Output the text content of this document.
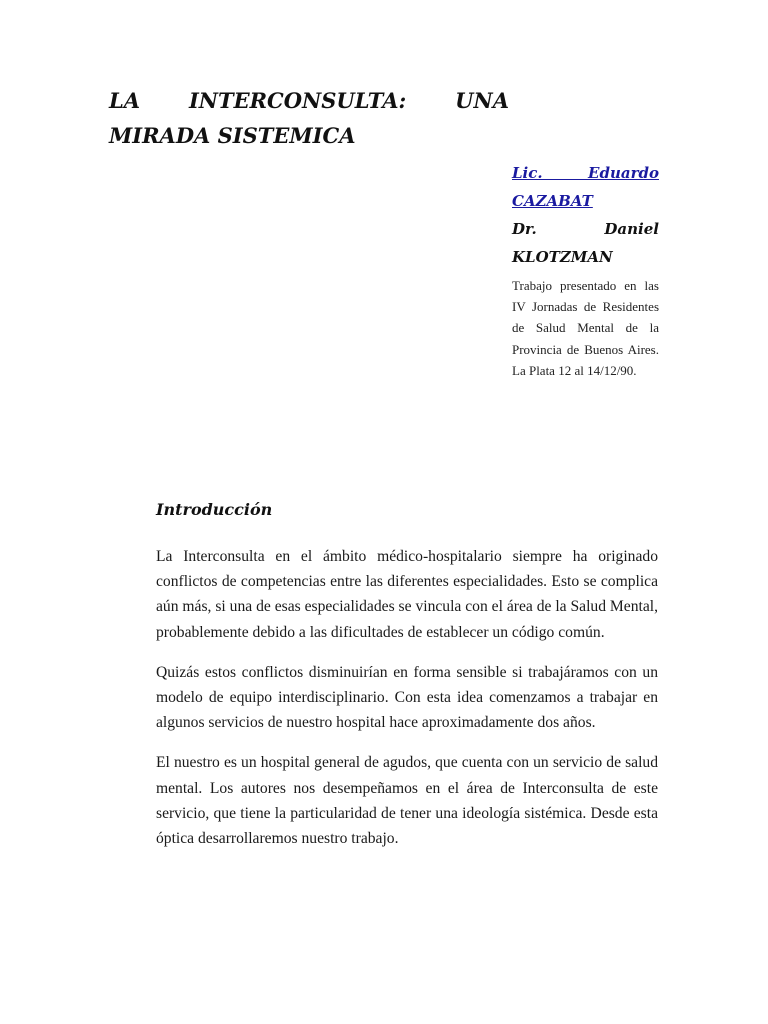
LA INTERCONSULTA: UNA MIRADA SISTEMICA

Lic. Eduardo CAZABAT

Dr. Daniel KLOTZMAN

Trabajo presentado en las IV Jornadas de Residentes de Salud Mental de la Provincia de Buenos Aires. La Plata 12 al 14/12/90.

Introducción

La Interconsulta en el ámbito médico-hospitalario siempre ha originado conflictos de competencias entre las diferentes especialidades. Esto se complica aún más, si una de esas especialidades se vincula con el área de la Salud Mental, probablemente debido a las dificultades de establecer un código común.

Quizás estos conflictos disminuirían en forma sensible si trabajáramos con un modelo de equipo interdisciplinario. Con esta idea comenzamos a trabajar en algunos servicios de nuestro hospital hace aproximadamente dos años.

El nuestro es un hospital general de agudos, que cuenta con un servicio de salud mental. Los autores nos desempeñamos en el área de Interconsulta de este servicio, que tiene la particularidad de tener una ideología sistémica. Desde esta óptica desarrollaremos nuestro trabajo.
